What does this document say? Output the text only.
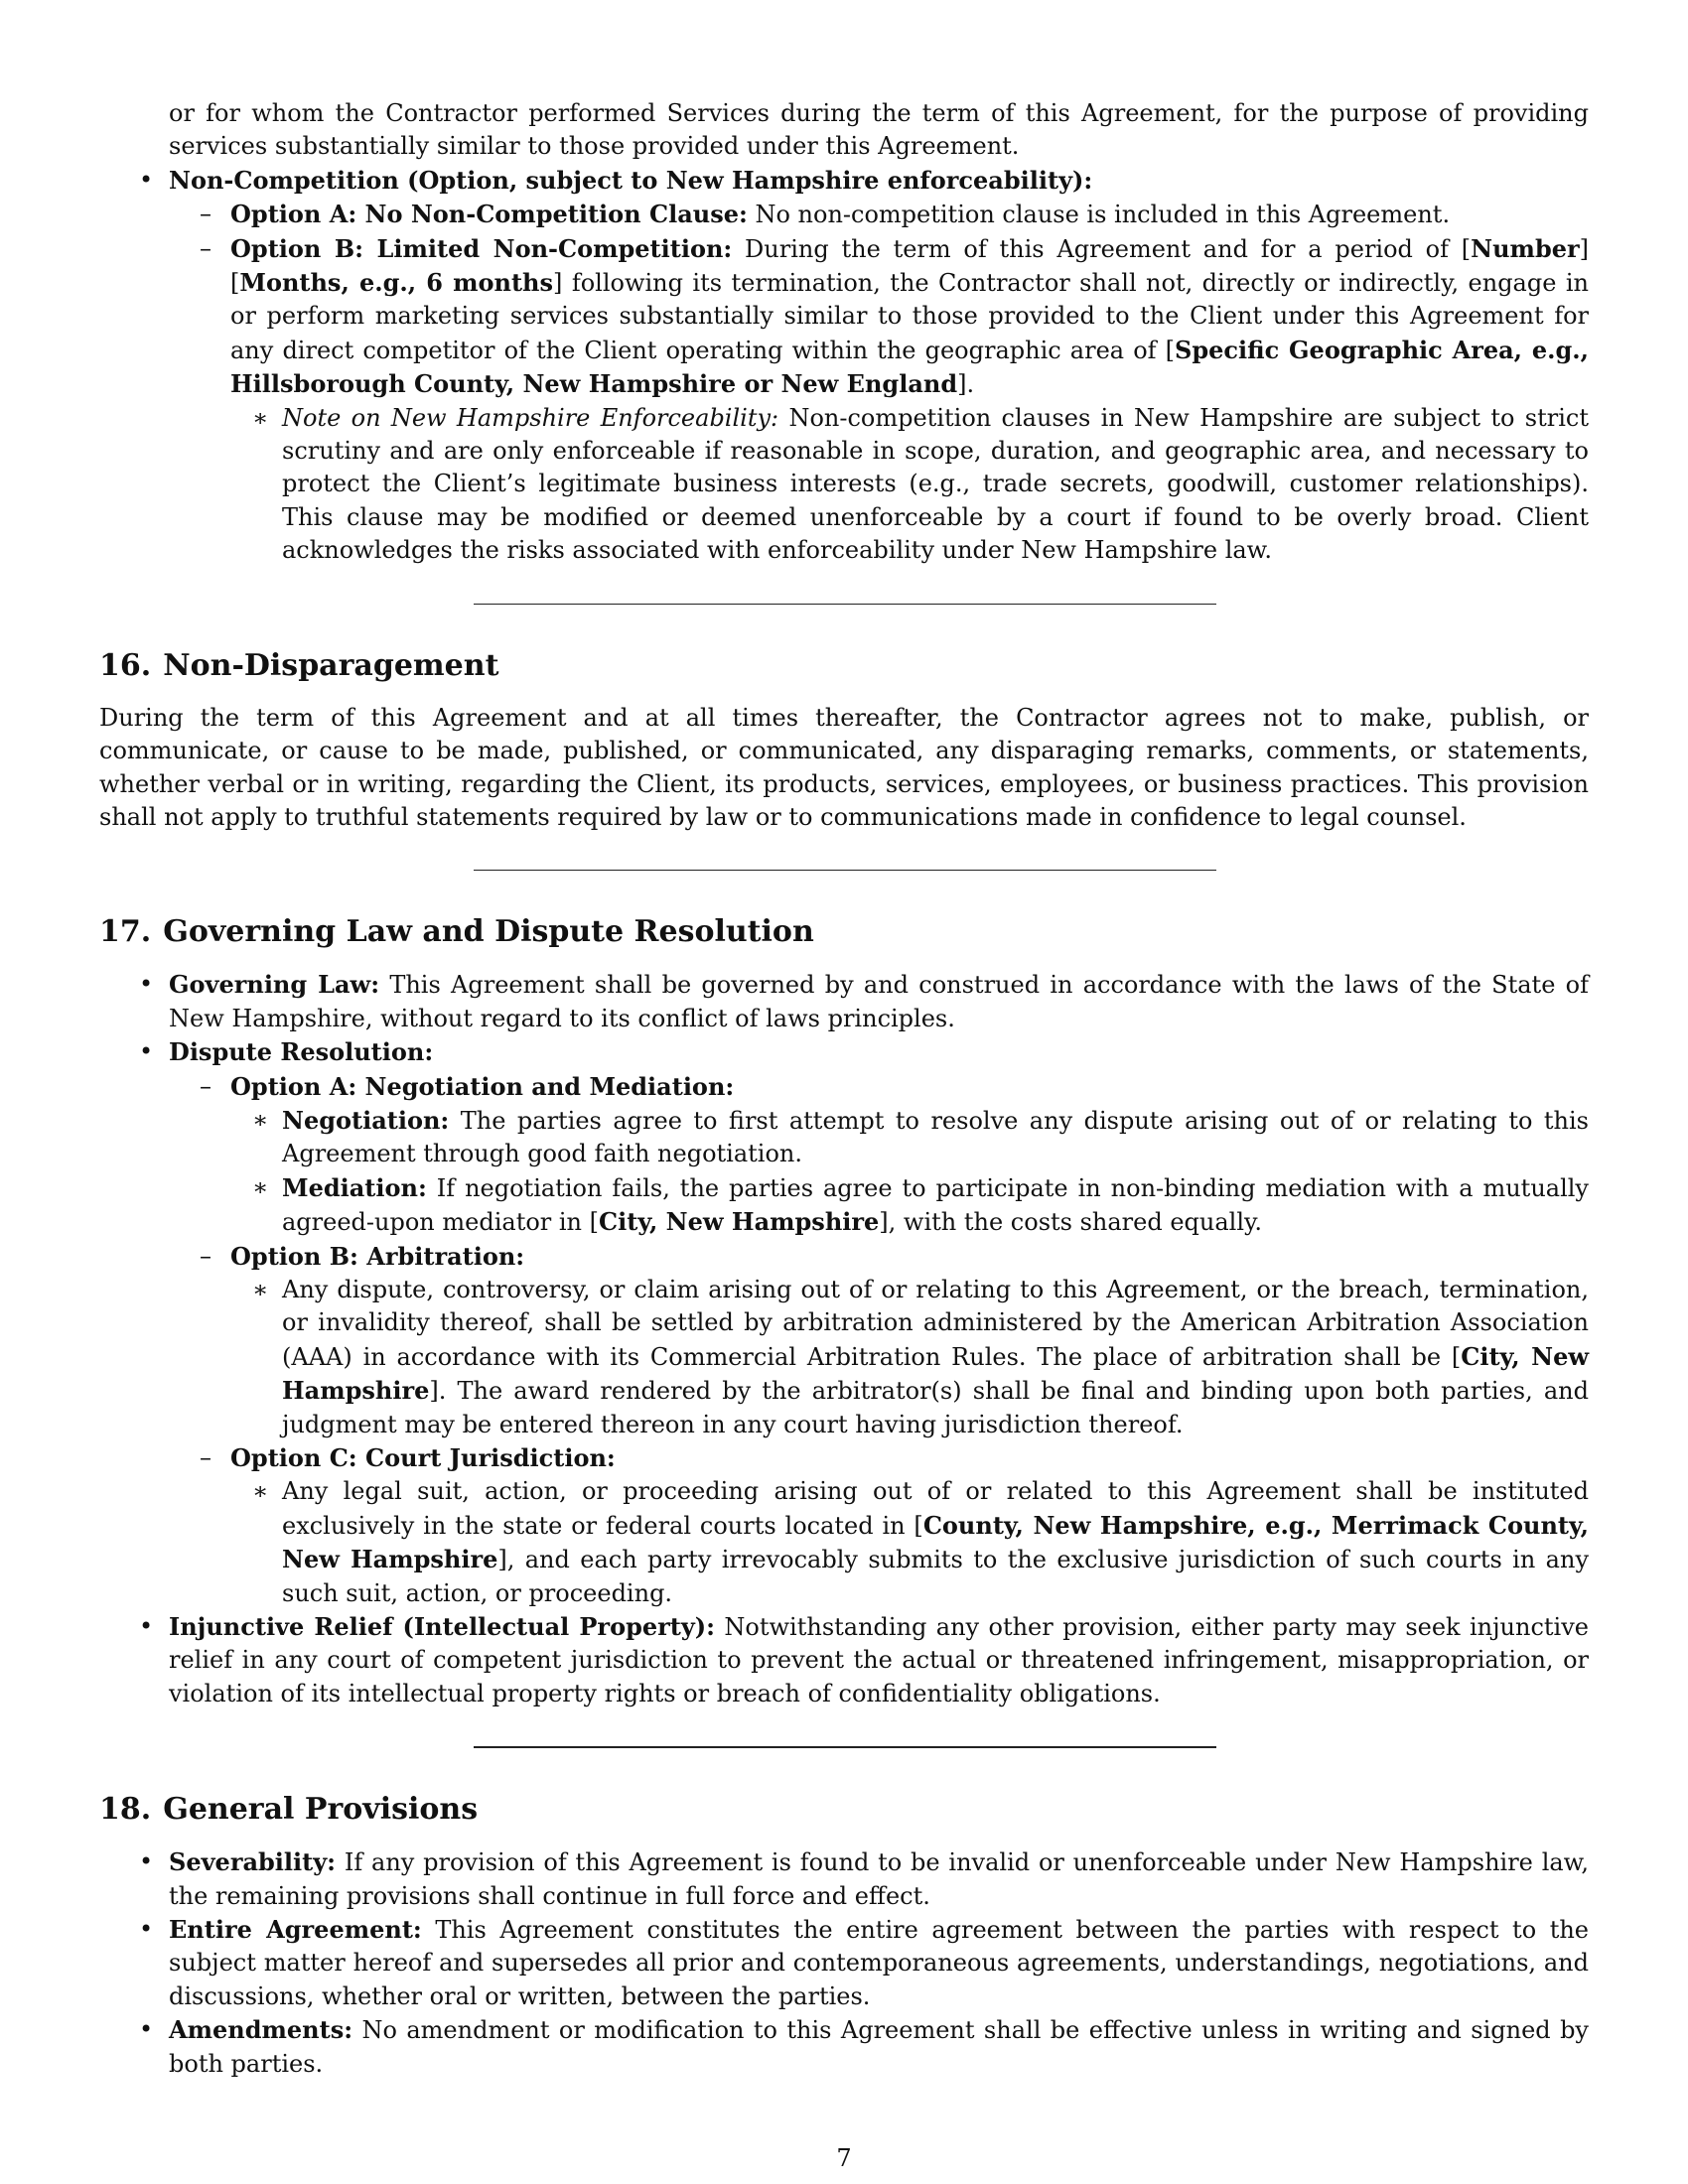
or for whom the Contractor performed Services during the term of this Agreement, for the purpose of providing services substantially similar to those provided under this Agreement.

• Non-Competition (Option, subject to New Hampshire enforceability):
– Option A: No Non-Competition Clause: No non-competition clause is included in this Agreement.
– Option B: Limited Non-Competition: During the term of this Agreement and for a period of [Number] [Months, e.g., 6 months] following its termination, the Contractor shall not, directly or indirectly, engage in or perform marketing services substantially similar to those provided to the Client under this Agreement for any direct competitor of the Client operating within the geographic area of [Specific Geographic Area, e.g., Hillsborough County, New Hampshire or New England].
∗ Note on New Hampshire Enforceability: Non-competition clauses in New Hampshire are subject to strict scrutiny and are only enforceable if reasonable in scope, duration, and geographic area, and necessary to protect the Client’s legitimate business interests (e.g., trade secrets, goodwill, customer relationships). This clause may be modified or deemed unenforceable by a court if found to be overly broad. Client acknowledges the risks associated with enforceability under New Hampshire law.
16. Non-Disparagement

During the term of this Agreement and at all times thereafter, the Contractor agrees not to make, publish, or communicate, or cause to be made, published, or communicated, any disparaging remarks, comments, or statements, whether verbal or in writing, regarding the Client, its products, services, employees, or business practices. This provision shall not apply to truthful statements required by law or to communications made in confidence to legal counsel.

17. Governing Law and Dispute Resolution
• Governing Law: This Agreement shall be governed by and construed in accordance with the laws of the State of New Hampshire, without regard to its conflict of laws principles.
• Dispute Resolution:
– Option A: Negotiation and Mediation:
∗ Negotiation: The parties agree to first attempt to resolve any dispute arising out of or relating to this Agreement through good faith negotiation.
∗ Mediation: If negotiation fails, the parties agree to participate in non-binding mediation with a mutually agreed-upon mediator in [City, New Hampshire], with the costs shared equally.
– Option B: Arbitration:
∗ Any dispute, controversy, or claim arising out of or relating to this Agreement, or the breach, termination, or invalidity thereof, shall be settled by arbitration administered by the American Arbitration Association (AAA) in accordance with its Commercial Arbitration Rules. The place of arbitration shall be [City, New Hampshire]. The award rendered by the arbitrator(s) shall be final and binding upon both parties, and judgment may be entered thereon in any court having jurisdiction thereof.
– Option C: Court Jurisdiction:
∗ Any legal suit, action, or proceeding arising out of or related to this Agreement shall be instituted exclusively in the state or federal courts located in [County, New Hampshire, e.g., Merrimack County, New Hampshire], and each party irrevocably submits to the exclusive jurisdiction of such courts in any such suit, action, or proceeding.
• Injunctive Relief (Intellectual Property): Notwithstanding any other provision, either party may seek injunctive relief in any court of competent jurisdiction to prevent the actual or threatened infringement, misappropriation, or violation of its intellectual property rights or breach of confidentiality obligations.
18. General Provisions
• Severability: If any provision of this Agreement is found to be invalid or unenforceable under New Hampshire law, the remaining provisions shall continue in full force and effect.
• Entire Agreement: This Agreement constitutes the entire agreement between the parties with respect to the subject matter hereof and supersedes all prior and contemporaneous agreements, understandings, negotiations, and discussions, whether oral or written, between the parties.
• Amendments: No amendment or modification to this Agreement shall be effective unless in writing and signed by both parties.
7
